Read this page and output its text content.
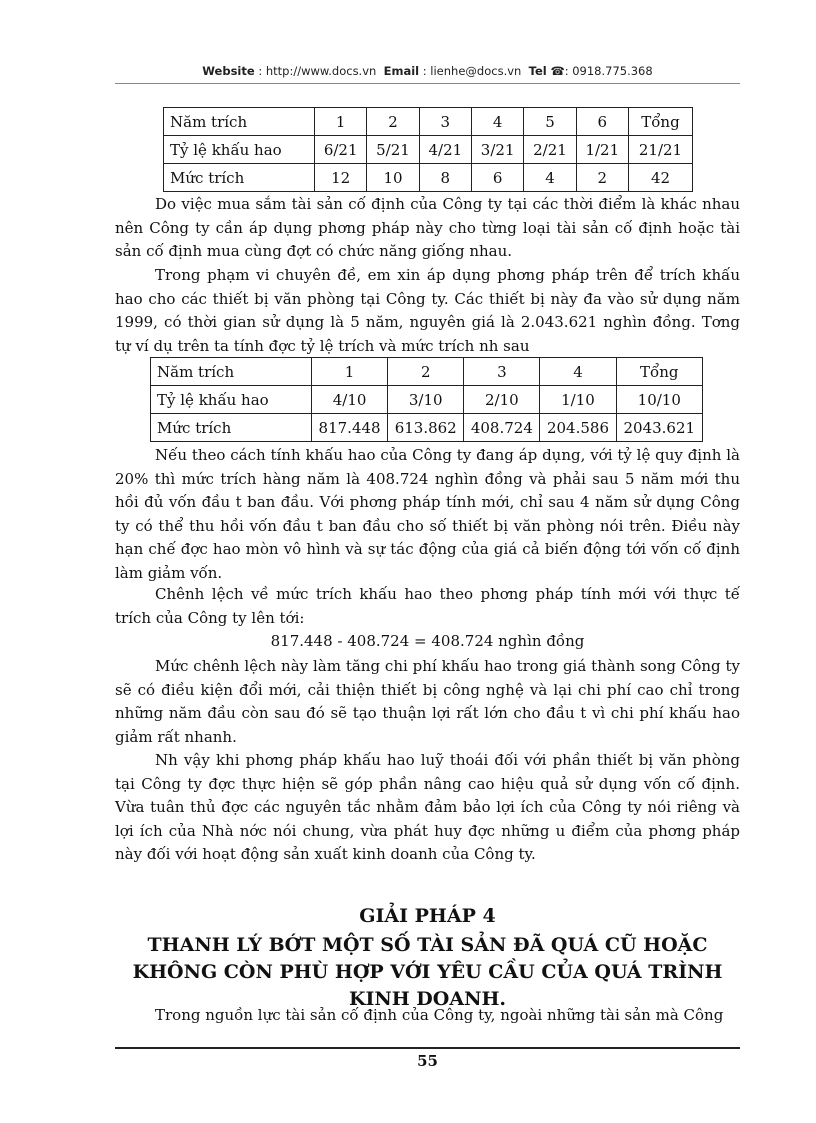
Website : http://www.docs.vn Email : lienhe@docs.vn Tel ☎: 0918.775.368
Năm trích	1	2	3	4	5	6	Tổng
Tỷ lệ khấu hao	6/21	5/21	4/21	3/21	2/21	1/21	21/21
Mức trích	12	10	8	6	4	2	42

Do việc mua sắm tài sản cố định của Công ty tại các thời điểm là khác nhau nên Công ty cần áp dụng phơng pháp này cho từng loại tài sản cố định hoặc tài sản cố định mua cùng đợt có chức năng giống nhau.

Trong phạm vi chuyên đề, em xin áp dụng phơng pháp trên để trích khấu hao cho các thiết bị văn phòng tại Công ty. Các thiết bị này đa vào sử dụng năm 1999, có thời gian sử dụng là 5 năm, nguyên giá là 2.043.621 nghìn đồng. Tơng tự ví dụ trên ta tính đợc tỷ lệ trích và mức trích nh sau

Năm trích	1	2	3	4	Tổng
Tỷ lệ khấu hao	4/10	3/10	2/10	1/10	10/10
Mức trích	817.448	613.862	408.724	204.586	2043.621

Nếu theo cách tính khấu hao của Công ty đang áp dụng, với tỷ lệ quy định là 20% thì mức trích hàng năm là 408.724 nghìn đồng và phải sau 5 năm mới thu hồi đủ vốn đầu t ban đầu. Với phơng pháp tính mới, chỉ sau 4 năm sử dụng Công ty có thể thu hồi vốn đầu t ban đầu cho số thiết bị văn phòng nói trên. Điều này hạn chế đợc hao mòn vô hình và sự tác động của giá cả biến động tới vốn cố định làm giảm vốn.

Chênh lệch về mức trích khấu hao theo phơng pháp tính mới với thực tế trích của Công ty lên tới:

817.448 - 408.724 = 408.724 nghìn đồng

Mức chênh lệch này làm tăng chi phí khấu hao trong giá thành song Công ty sẽ có điều kiện đổi mới, cải thiện thiết bị công nghệ và lại chi phí cao chỉ trong những năm đầu còn sau đó sẽ tạo thuận lợi rất lớn cho đầu t vì chi phí khấu hao giảm rất nhanh.

Nh vậy khi phơng pháp khấu hao luỹ thoái đối với phần thiết bị văn phòng tại Công ty đợc thực hiện sẽ góp phần nâng cao hiệu quả sử dụng vốn cố định. Vừa tuân thủ đợc các nguyên tắc nhằm đảm bảo lợi ích của Công ty nói riêng và lợi ích của Nhà nớc nói chung, vừa phát huy đợc những u điểm của phơng pháp này đối với hoạt động sản xuất kinh doanh của Công ty.

GIẢI PHÁP 4

THANH LÝ BỚT MỘT SỐ TÀI SẢN ĐÃ QUÁ CŨ HOẶC KHÔNG CÒN PHÙ HỢP VỚI YÊU CẦU CỦA QUÁ TRÌNH KINH DOANH.

Trong nguồn lực tài sản cố định của Công ty, ngoài những tài sản mà Công

55
